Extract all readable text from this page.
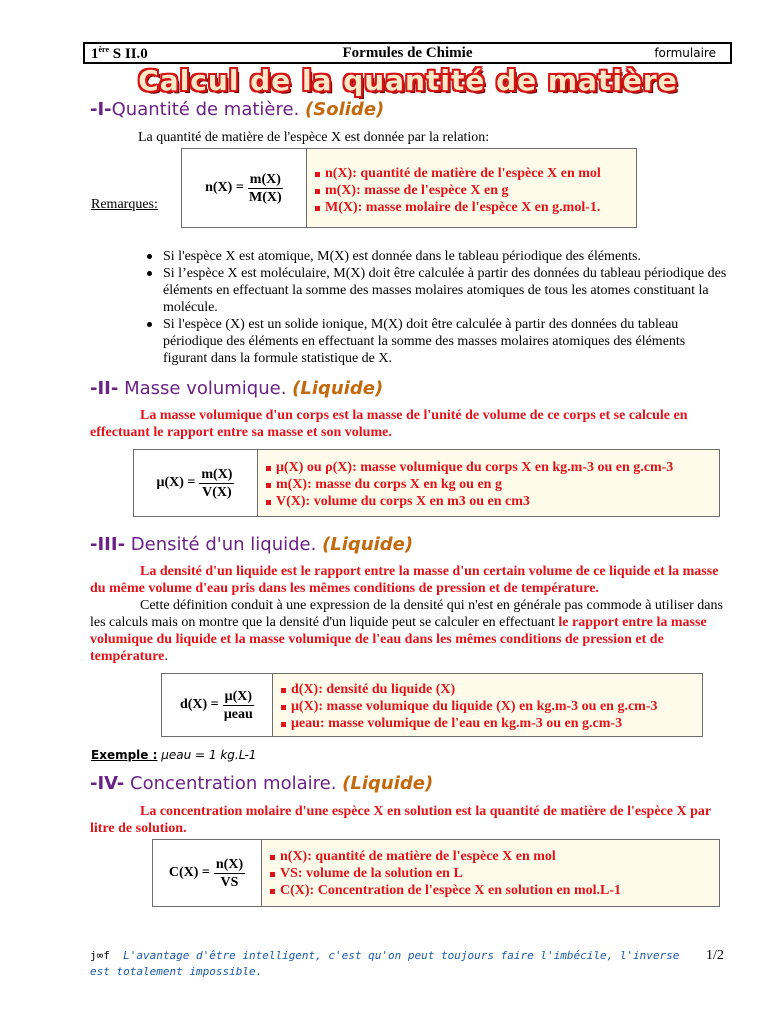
1ère S II.0	Formules de Chimie	formulaire
Calcul de la quantité de matière
-I-Quantité de matière. (Solide)
La quantité de matière de l'espèce X est donnée par la relation:
Remarques:
$n(X) = \frac{m(X)}{M(X)}$	n(X): quantité de matière de l'espèce X en mol
m(X): masse de l'espèce X en g
M(X): masse molaire de l'espèce X en g.mol-1.
Si l'espèce X est atomique, M(X) est donnée dans le tableau périodique des éléments.
Si l’espèce X est moléculaire, M(X) doit être calculée à partir des données du tableau périodique des éléments en effectuant la somme des masses molaires atomiques de tous les atomes constituant la molécule.
Si l'espèce (X) est un solide ionique, M(X) doit être calculée à partir des données du tableau périodique des éléments en effectuant la somme des masses molaires atomiques des éléments figurant dans la formule statistique de X.
-II- Masse volumique. (Liquide)
La masse volumique d'un corps est la masse de l'unité de volume de ce corps et se calcule en effectuant le rapport entre sa masse et son volume.
$\mu(X) = \frac{m(X)}{V(X)}$	μ(X) ou ρ(X): masse volumique du corps X en kg.m-3 ou en g.cm-3
m(X): masse du corps X en kg ou en g
V(X): volume du corps X en m3 ou en cm3
-III- Densité d'un liquide. (Liquide)
La densité d'un liquide est le rapport entre la masse d'un certain volume de ce liquide et la masse du même volume d'eau pris dans les mêmes conditions de pression et de température.
Cette définition conduit à une expression de la densité qui n'est en générale pas commode à utiliser dans les calculs mais on montre que la densité d'un liquide peut se calculer en effectuant le rapport entre la masse volumique du liquide et la masse volumique de l'eau dans les mêmes conditions de pression et de température.
$d(X) = \frac{\mu(X)}{\text{μeau}}$	d(X): densité du liquide (X)
μ(X): masse volumique du liquide (X) en kg.m-3 ou en g.cm-3
μeau: masse volumique de l'eau en kg.m-3 ou en g.cm-3
Exemple : μeau = 1 kg.L-1
-IV- Concentration molaire. (Liquide)
La concentration molaire d'une espèce X en solution est la quantité de matière de l'espèce X par litre de solution.
$C(X) = \frac{n(X)}{VS}$	n(X): quantité de matière de l'espèce X en mol
VS: volume de la solution en L
C(X): Concentration de l'espèce X en solution en mol.L-1
j∞f L'avantage d'être intelligent, c'est qu'on peut toujours faire l'imbécile, l'inverse est totalement impossible.
1/2
